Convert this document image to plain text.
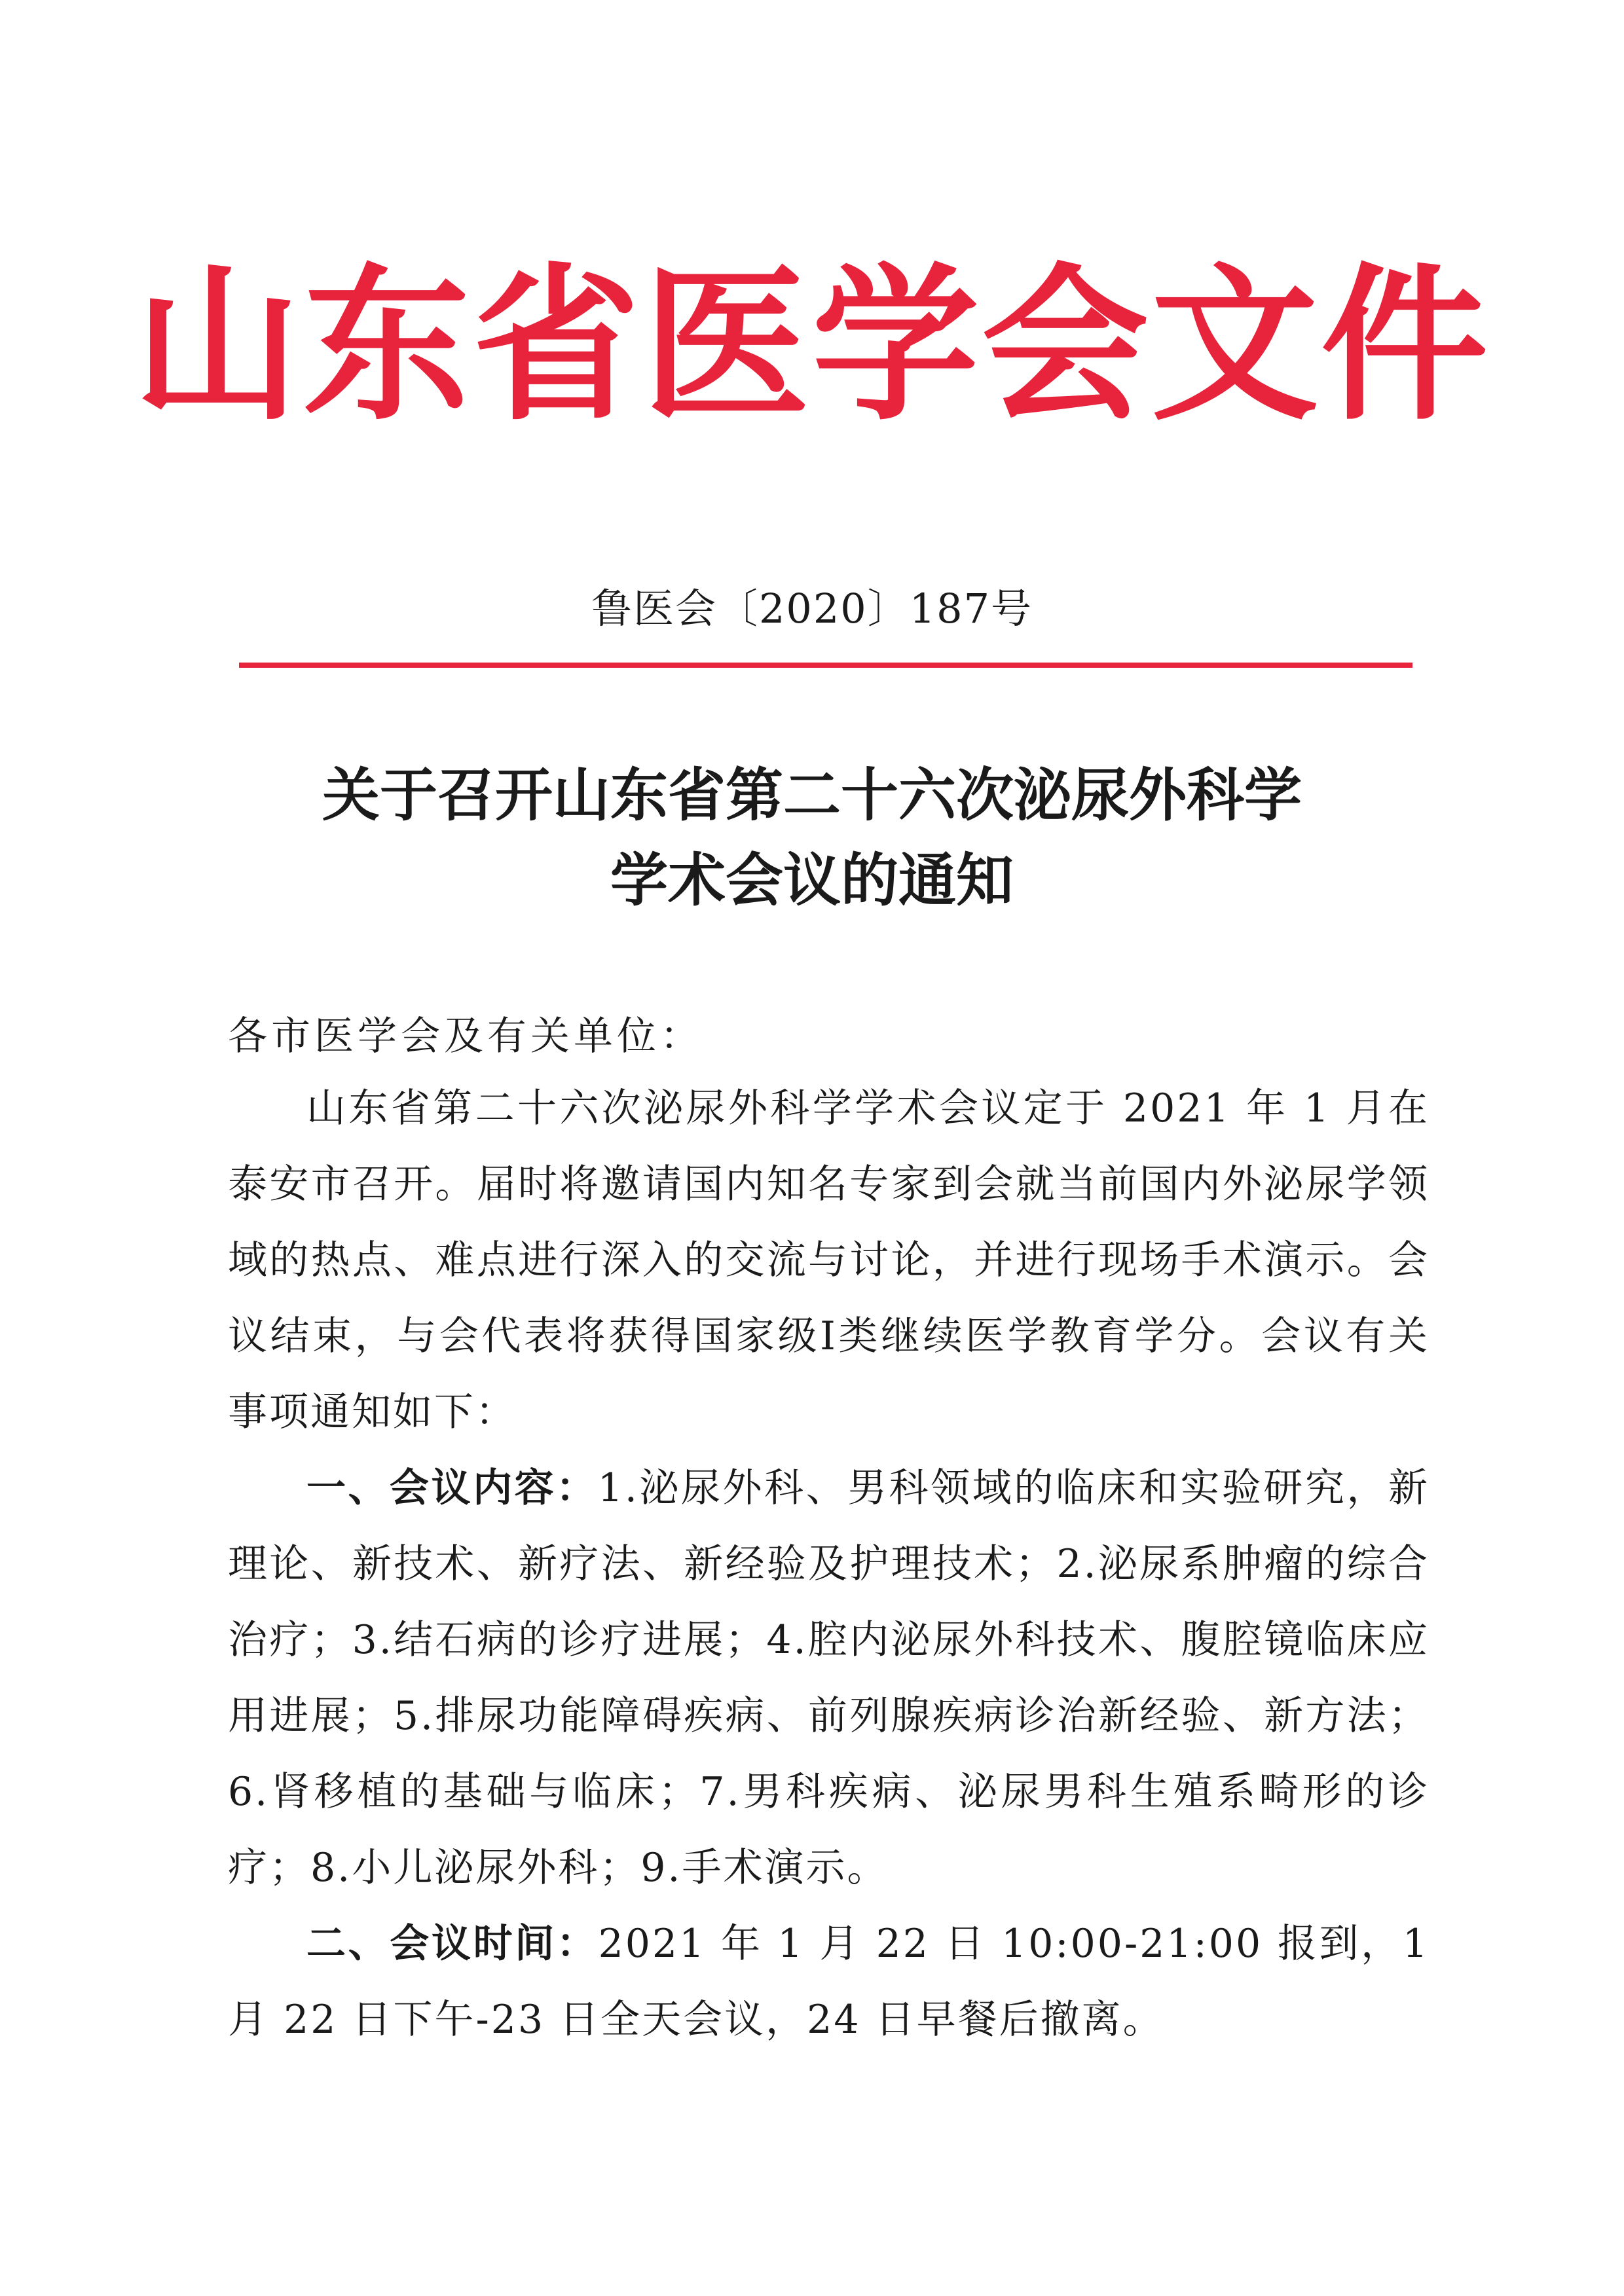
山东省医学会文件
鲁医会〔2020〕187号
关于召开山东省第二十六次泌尿外科学
学术会议的通知
各市医学会及有关单位：

山东省第二十六次泌尿外科学学术会议定于 2021 年 1 月在泰安市召开。届时将邀请国内知名专家到会就当前国内外泌尿学领域的热点、难点进行深入的交流与讨论，并进行现场手术演示。会议结束，与会代表将获得国家级Ⅰ类继续医学教育学分。会议有关事项通知如下：

一、会议内容：1.泌尿外科、男科领域的临床和实验研究，新理论、新技术、新疗法、新经验及护理技术；2.泌尿系肿瘤的综合治疗；3.结石病的诊疗进展；4.腔内泌尿外科技术、腹腔镜临床应用进展；5.排尿功能障碍疾病、前列腺疾病诊治新经验、新方法；6.肾移植的基础与临床；7.男科疾病、泌尿男科生殖系畸形的诊疗；8.小儿泌尿外科；9.手术演示。

二、会议时间：2021 年 1 月 22 日 10:00-21:00 报到，1 月 22 日下午-23 日全天会议，24 日早餐后撤离。
